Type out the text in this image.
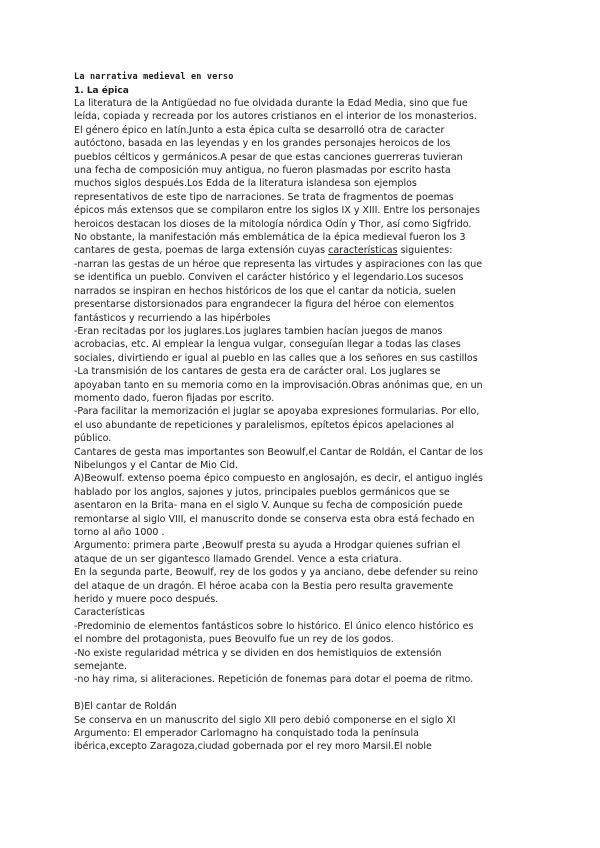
La narrativa medieval en verso
1. La épica
La literatura de la Antigüedad no fue olvidada durante la Edad Media, sino que fue
leída, copiada y recreada por los autores cristianos en el interior de los monasterios.
El género épico en latín.Junto a esta épica culta se desarrolló otra de caracter
autóctono, basada en las leyendas y en los grandes personajes heroicos de los
pueblos célticos y germánicos.A pesar de que estas canciones guerreras tuvieran
una fecha de composición muy antigua, no fueron plasmadas por escrito hasta
muchos siglos después.Los Edda de la literatura islandesa son ejemplos
representativos de este tipo de narraciones. Se trata de fragmentos de poemas
épicos más extensos que se compilaron entre los siglos IX y XIII. Entre los personajes
heroicos destacan los dioses de la mitología nórdica Odín y Thor, así como Sigfrido.
No obstante, la manifestación más emblemática de la épica medieval fueron los 3
cantares de gesta, poemas de larga extensión cuyas características siguientes:
-narran las gestas de un héroe que representa las virtudes y aspiraciones con las que
se identifica un pueblo. Conviven el carácter histórico y el legendario.Los sucesos
narrados se inspiran en hechos históricos de los que el cantar da noticia, suelen
presentarse distorsionados para engrandecer la figura del héroe con elementos
fantásticos y recurriendo a las hipérboles
-Eran recitadas por los juglares.Los juglares tambien hacían juegos de manos
acrobacias, etc. Al emplear la lengua vulgar, conseguían llegar a todas las clases
sociales, divirtiendo er igual al pueblo en las calles que a los señores en sus castillos
-La transmisión de los cantares de gesta era de carácter oral. Los juglares se
apoyaban tanto en su memoria como en la improvisación.Obras anónimas que, en un
momento dado, fueron fijadas por escrito.
-Para facilitar la memorización el juglar se apoyaba expresiones formularias. Por ello,
el uso abundante de repeticiones y paralelismos, epítetos épicos apelaciones al
público.
Cantares de gesta mas importantes son Beowulf,el Cantar de Roldán, el Cantar de los
Nibelungos y el Cantar de Mio Cid.
A)Beowulf. extenso poema épico compuesto en anglosajón, es decir, el antiguo inglés
hablado por los anglos, sajones y jutos, principales pueblos germánicos que se
asentaron en la Brita- mana en el siglo V. Aunque su fecha de composición puede
remontarse al siglo VIII, el manuscrito donde se conserva esta obra está fechado en
torno al año 1000 .
Argumento: primera parte ,Beowulf presta su ayuda a Hrodgar quienes sufrian el
ataque de un ser gigantesco llamado Grendel. Vence a esta criatura.
En la segunda parte, Beowulf, rey de los godos y ya anciano, debe defender su reino
del ataque de un dragón. El héroe acaba con la Bestia pero resulta gravemente
herido y muere poco después.
Características
-Predominio de elementos fantásticos sobre lo histórico. El único elenco histórico es
el nombre del protagonista, pues Beovulfo fue un rey de los godos.
-No existe regularidad métrica y se dividen en dos hemistiquios de extensión
semejante.
-no hay rima, si aliteraciones. Repetición de fonemas para dotar el poema de ritmo.
B)El cantar de Roldán
Se conserva en un manuscrito del siglo XII pero debió componerse en el siglo XI
Argumento: El emperador Carlomagno ha conquistado toda la península
ibérica,excepto Zaragoza,ciudad gobernada por el rey moro Marsil.El noble
